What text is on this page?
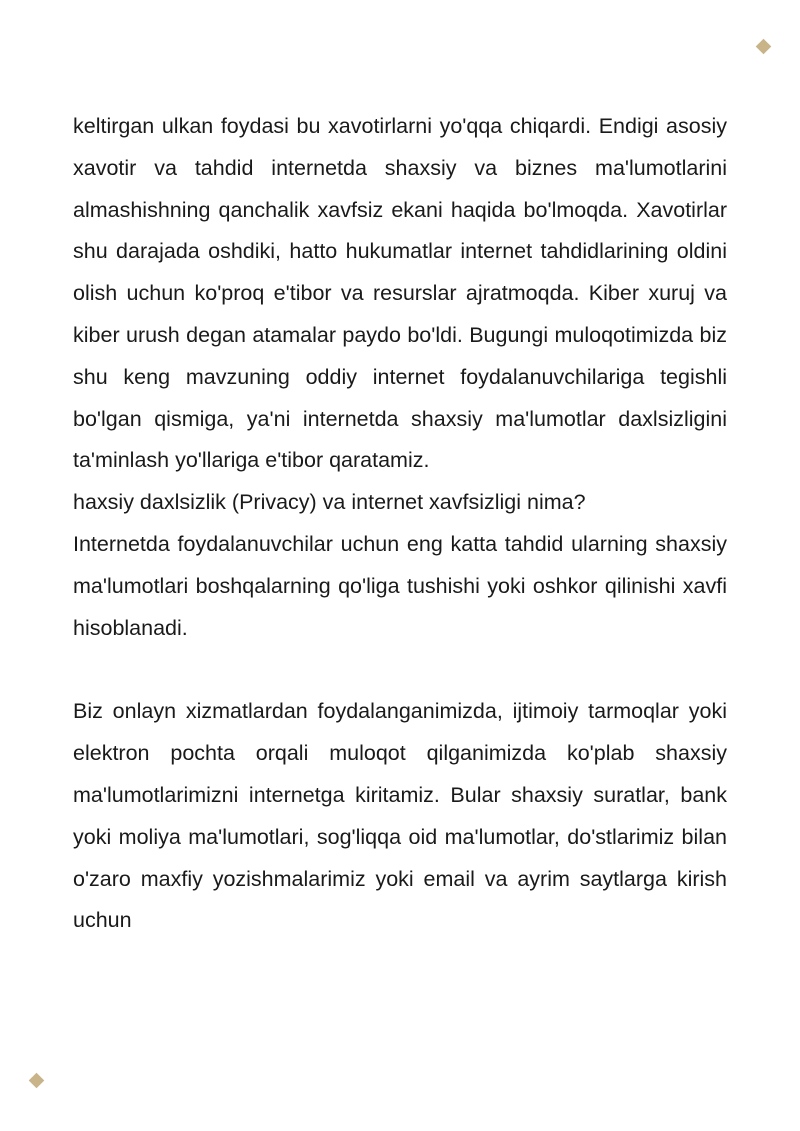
keltirgan ulkan foydasi bu xavotirlarni yo'qqa chiqardi. Endigi asosiy xavotir va tahdid internetda shaxsiy va biznes ma'lumotlarini almashishning qanchalik xavfsiz ekani haqida bo'lmoqda. Xavotirlar shu darajada oshdiki, hatto hukumatlar internet tahdidlarining oldini olish uchun ko'proq e'tibor va resurslar ajratmoqda. Kiber xuruj va kiber urush degan atamalar paydo bo'ldi. Bugungi muloqotimizda biz shu keng mavzuning oddiy internet foydalanuvchilariga tegishli bo'lgan qismiga, ya'ni internetda shaxsiy ma'lumotlar daxlsizligini ta'minlash yo'llariga e'tibor qaratamiz.

haxsiy daxlsizlik (Privacy) va internet xavfsizligi nima?

Internetda foydalanuvchilar uchun eng katta tahdid ularning shaxsiy ma'lumotlari boshqalarning qo'liga tushishi yoki oshkor qilinishi xavfi hisoblanadi.

Biz onlayn xizmatlardan foydalanganimizda, ijtimoiy tarmoqlar yoki elektron pochta orqali muloqot qilganimizda ko'plab shaxsiy ma'lumotlarimizni internetga kiritamiz. Bular shaxsiy suratlar, bank yoki moliya ma'lumotlari, sog'liqqa oid ma'lumotlar, do'stlarimiz bilan o'zaro maxfiy yozishmalarimiz yoki email va ayrim saytlarga kirish uchun
